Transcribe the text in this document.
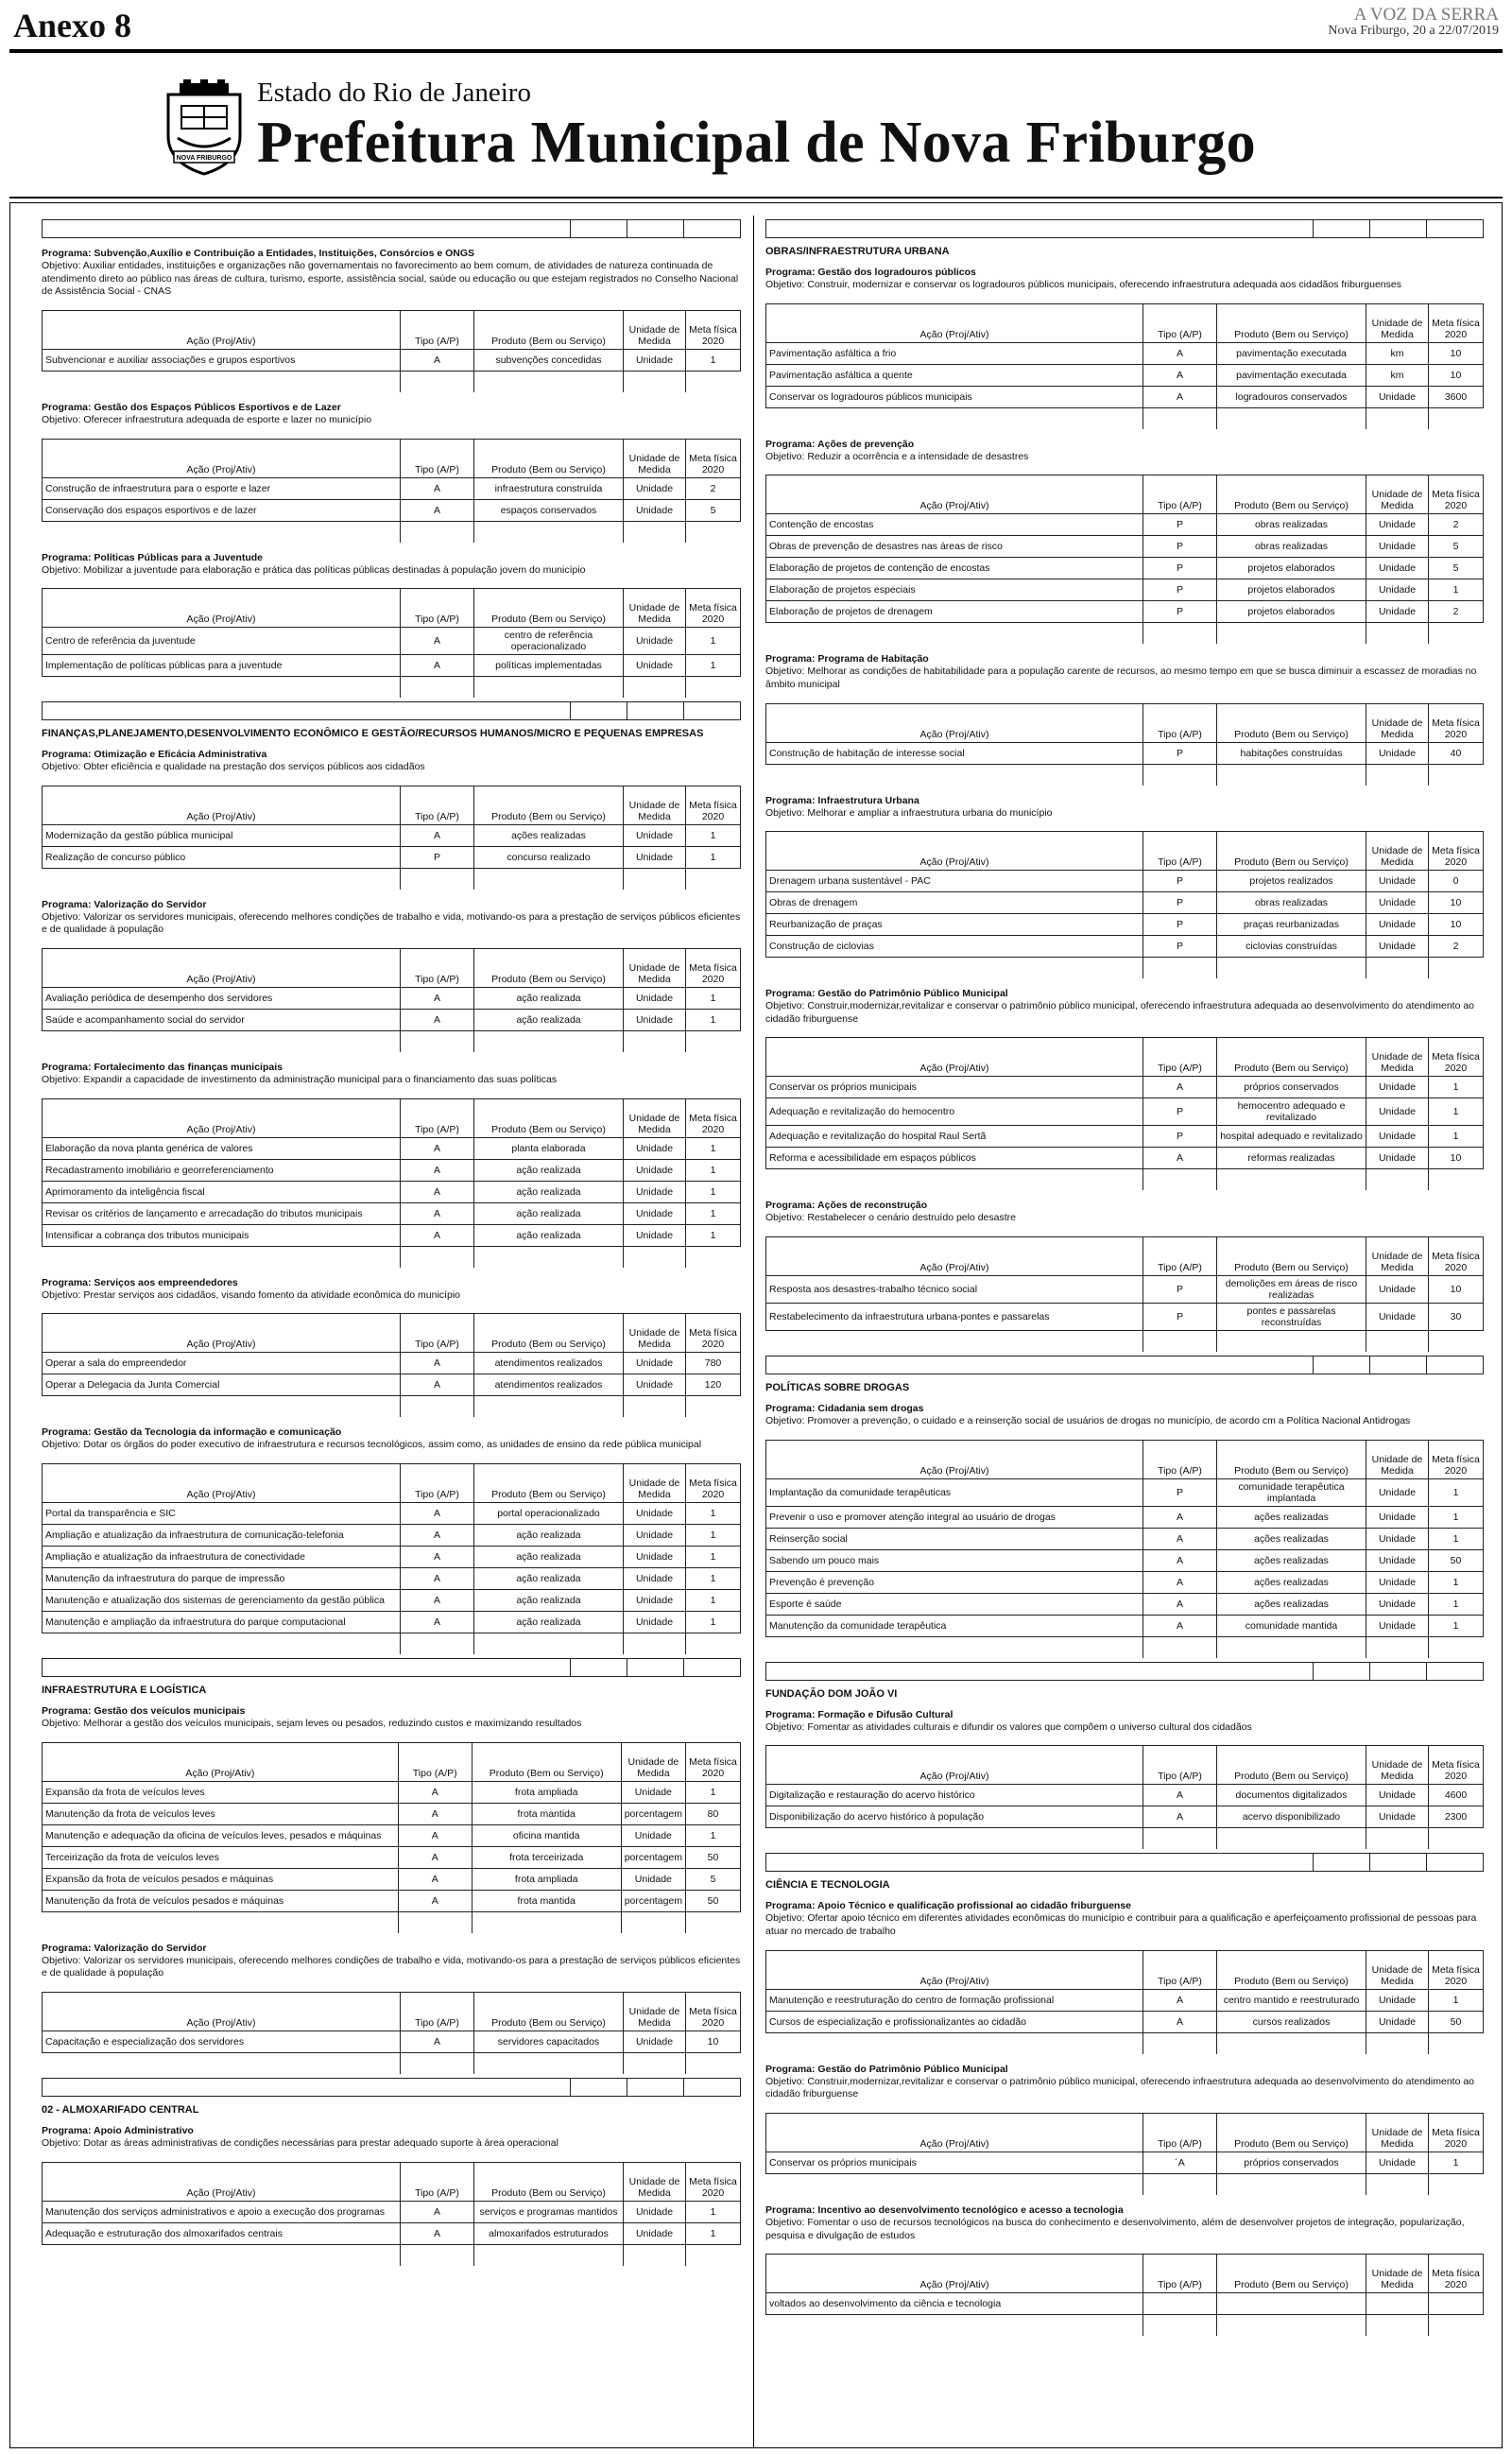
Anexo 8	A VOZ DA SERRA
Nova Friburgo, 20 a 22/07/2019
NOVA FRIBURGO
Estado do Rio de Janeiro
Prefeitura Municipal de Nova Friburgo
Programa: Subvenção,Auxílio e Contribuição a Entidades, Instituições, Consórcios e ONGS
Objetivo: Auxiliar entidades, instituições e organizações não governamentais no favorecimento ao bem comum, de atividades de natureza continuada de atendimento direto ao público nas áreas de cultura, turismo, esporte, assistência social, saúde ou educação ou que estejam registrados no Conselho Nacional de Assistência Social - CNAS
Ação (Proj/Ativ)	Tipo (A/P)	Produto (Bem ou Serviço)	Unidade de Medida	Meta física 2020
Subvencionar e auxiliar associações e grupos esportivos	A	subvenções concedidas	Unidade	1

Programa: Gestão dos Espaços Públicos Esportivos e de Lazer
Objetivo: Oferecer infraestrutura adequada de esporte e lazer no município
Ação (Proj/Ativ)	Tipo (A/P)	Produto (Bem ou Serviço)	Unidade de Medida	Meta física 2020
Construção de infraestrutura para o esporte e lazer	A	infraestrutura construída	Unidade	2
Conservação dos espaços esportivos e de lazer	A	espaços conservados	Unidade	5

Programa: Políticas Públicas para a Juventude
Objetivo: Mobilizar a juventude para elaboração e prática das políticas públicas destinadas à população jovem do município
Ação (Proj/Ativ)	Tipo (A/P)	Produto (Bem ou Serviço)	Unidade de Medida	Meta física 2020
Centro de referência da juventude	A	centro de referência operacionalizado	Unidade	1
Implementação de políticas públicas para a juventude	A	políticas implementadas	Unidade	1

FINANÇAS,PLANEJAMENTO,DESENVOLVIMENTO ECONÔMICO E GESTÃO/RECURSOS HUMANOS/MICRO E PEQUENAS EMPRESAS
Programa: Otimização e Eficácia Administrativa
Objetivo: Obter eficiência e qualidade na prestação dos serviços públicos aos cidadãos
Ação (Proj/Ativ)	Tipo (A/P)	Produto (Bem ou Serviço)	Unidade de Medida	Meta física 2020
Modernização da gestão pública municipal	A	ações realizadas	Unidade	1
Realização de concurso público	P	concurso realizado	Unidade	1

Programa: Valorização do Servidor
Objetivo: Valorizar os servidores municipais, oferecendo melhores condições de trabalho e vida, motivando-os para a prestação de serviços públicos eficientes e de qualidade à população
Ação (Proj/Ativ)	Tipo (A/P)	Produto (Bem ou Serviço)	Unidade de Medida	Meta física 2020
Avaliação periódica de desempenho dos servidores	A	ação realizada	Unidade	1
Saúde e acompanhamento social do servidor	A	ação realizada	Unidade	1

Programa: Fortalecimento das finanças municipais
Objetivo: Expandir a capacidade de investimento da administração municipal para o financiamento das suas políticas
Ação (Proj/Ativ)	Tipo (A/P)	Produto (Bem ou Serviço)	Unidade de Medida	Meta física 2020
Elaboração da nova planta genérica de valores	A	planta elaborada	Unidade	1
Recadastramento imobiliário e georreferenciamento	A	ação realizada	Unidade	1
Aprimoramento da inteligência fiscal	A	ação realizada	Unidade	1
Revisar os critérios de lançamento e arrecadação do tributos municipais	A	ação realizada	Unidade	1
Intensificar a cobrança dos tributos municipais	A	ação realizada	Unidade	1

Programa: Serviços aos empreendedores
Objetivo: Prestar serviços aos cidadãos, visando fomento da atividade econômica do município
Ação (Proj/Ativ)	Tipo (A/P)	Produto (Bem ou Serviço)	Unidade de Medida	Meta física 2020
Operar a sala do empreendedor	A	atendimentos realizados	Unidade	780
Operar a Delegacia da Junta Comercial	A	atendimentos realizados	Unidade	120

Programa: Gestão da Tecnologia da informação e comunicação
Objetivo: Dotar os órgãos do poder executivo de infraestrutura e recursos tecnológicos, assim como, as unidades de ensino da rede pública municipal
Ação (Proj/Ativ)	Tipo (A/P)	Produto (Bem ou Serviço)	Unidade de Medida	Meta física 2020
Portal da transparência e SIC	A	portal operacionalizado	Unidade	1
Ampliação e atualização da infraestrutura de comunicação-telefonia	A	ação realizada	Unidade	1
Ampliação e atualização da infraestrutura de conectividade	A	ação realizada	Unidade	1
Manutenção da infraestrutura do parque de impressão	A	ação realizada	Unidade	1
Manutenção e atualização dos sistemas de gerenciamento da gestão pública	A	ação realizada	Unidade	1
Manutenção e ampliação da infraestrutura do parque computacional	A	ação realizada	Unidade	1

INFRAESTRUTURA E LOGÍSTICA
Programa: Gestão dos veículos municipais
Objetivo: Melhorar a gestão dos veículos municipais, sejam leves ou pesados, reduzindo custos e maximizando resultados
Ação (Proj/Ativ)	Tipo (A/P)	Produto (Bem ou Serviço)	Unidade de Medida	Meta física 2020
Expansão da frota de veículos leves	A	frota ampliada	Unidade	1
Manutenção da frota de veículos leves	A	frota mantida	porcentagem	80
Manutenção e adequação da oficina de veículos leves, pesados e máquinas	A	oficina mantida	Unidade	1
Terceirização da frota de veículos leves	A	frota terceirizada	porcentagem	50
Expansão da frota de veículos pesados e máquinas	A	frota ampliada	Unidade	5
Manutenção da frota de veículos pesados e máquinas	A	frota mantida	porcentagem	50

Programa: Valorização do Servidor
Objetivo: Valorizar os servidores municipais, oferecendo melhores condições de trabalho e vida, motivando-os para a prestação de serviços públicos eficientes e de qualidade à população
Ação (Proj/Ativ)	Tipo (A/P)	Produto (Bem ou Serviço)	Unidade de Medida	Meta física 2020
Capacitação e especialização dos servidores	A	servidores capacitados	Unidade	10

02 - ALMOXARIFADO CENTRAL
Programa: Apoio Administrativo
Objetivo: Dotar as áreas administrativas de condições necessárias para prestar adequado suporte à área operacional
Ação (Proj/Ativ)	Tipo (A/P)	Produto (Bem ou Serviço)	Unidade de Medida	Meta física 2020
Manutenção dos serviços administrativos e apoio a execução dos programas	A	serviços e programas mantidos	Unidade	1
Adequação e estruturação dos almoxarifados centrais	A	almoxarifados estruturados	Unidade	1

OBRAS/INFRAESTRUTURA URBANA
Programa: Gestão dos logradouros públicos
Objetivo: Construir, modernizar e conservar os logradouros públicos municipais, oferecendo infraestrutura adequada aos cidadãos friburguenses
Ação (Proj/Ativ)	Tipo (A/P)	Produto (Bem ou Serviço)	Unidade de Medida	Meta física 2020
Pavimentação asfáltica a frio	A	pavimentação executada	km	10
Pavimentação asfáltica a quente	A	pavimentação executada	km	10
Conservar os logradouros públicos municipais	A	logradouros conservados	Unidade	3600

Programa: Ações de prevenção
Objetivo: Reduzir a ocorrência e a intensidade de desastres
Ação (Proj/Ativ)	Tipo (A/P)	Produto (Bem ou Serviço)	Unidade de Medida	Meta física 2020
Contenção de encostas	P	obras realizadas	Unidade	2
Obras de prevenção de desastres nas áreas de risco	P	obras realizadas	Unidade	5
Elaboração de projetos de contenção de encostas	P	projetos elaborados	Unidade	5
Elaboração de projetos especiais	P	projetos elaborados	Unidade	1
Elaboração de projetos de drenagem	P	projetos elaborados	Unidade	2

Programa: Programa de Habitação
Objetivo: Melhorar as condições de habitabilidade para a população carente de recursos, ao mesmo tempo em que se busca diminuir a escassez de moradias no âmbito municipal
Ação (Proj/Ativ)	Tipo (A/P)	Produto (Bem ou Serviço)	Unidade de Medida	Meta física 2020
Construção de habitação de interesse social	P	habitações construídas	Unidade	40

Programa: Infraestrutura Urbana
Objetivo: Melhorar e ampliar a infraestrutura urbana do município
Ação (Proj/Ativ)	Tipo (A/P)	Produto (Bem ou Serviço)	Unidade de Medida	Meta física 2020
Drenagem urbana sustentável - PAC	P	projetos realizados	Unidade	0
Obras de drenagem	P	obras realizadas	Unidade	10
Reurbanização de praças	P	praças reurbanizadas	Unidade	10
Construção de ciclovias	P	ciclovias construídas	Unidade	2

Programa: Gestão do Patrimônio Público Municipal
Objetivo: Construir,modernizar,revitalizar e conservar o patrimônio público municipal, oferecendo infraestrutura adequada ao desenvolvimento do atendimento ao cidadão friburguense
Ação (Proj/Ativ)	Tipo (A/P)	Produto (Bem ou Serviço)	Unidade de Medida	Meta física 2020
Conservar os próprios municipais	A	próprios conservados	Unidade	1
Adequação e revitalização do hemocentro	P	hemocentro adequado e revitalizado	Unidade	1
Adequação e revitalização do hospital Raul Sertã	P	hospital adequado e revitalizado	Unidade	1
Reforma e acessibilidade em espaços públicos	A	reformas realizadas	Unidade	10

Programa: Ações de reconstrução
Objetivo: Restabelecer o cenário destruído pelo desastre
Ação (Proj/Ativ)	Tipo (A/P)	Produto (Bem ou Serviço)	Unidade de Medida	Meta física 2020
Resposta aos desastres-trabalho técnico social	P	demolições em áreas de risco realizadas	Unidade	10
Restabelecimento da infraestrutura urbana-pontes e passarelas	P	pontes e passarelas reconstruídas	Unidade	30

POLÍTICAS SOBRE DROGAS
Programa: Cidadania sem drogas
Objetivo: Promover a prevenção, o cuidado e a reinserção social de usuários de drogas no município, de acordo cm a Política Nacional Antidrogas
Ação (Proj/Ativ)	Tipo (A/P)	Produto (Bem ou Serviço)	Unidade de Medida	Meta física 2020
Implantação da comunidade terapêuticas	P	comunidade terapêutica implantada	Unidade	1
Prevenir o uso e promover atenção integral ao usuário de drogas	A	ações realizadas	Unidade	1
Reinserção social	A	ações realizadas	Unidade	1
Sabendo um pouco mais	A	ações realizadas	Unidade	50
Prevenção é prevenção	A	ações realizadas	Unidade	1
Esporte é saúde	A	ações realizadas	Unidade	1
Manutenção da comunidade terapêutica	A	comunidade mantida	Unidade	1

FUNDAÇÃO DOM JOÃO VI
Programa: Formação e Difusão Cultural
Objetivo: Fomentar as atividades culturais e difundir os valores que compõem o universo cultural dos cidadãos
Ação (Proj/Ativ)	Tipo (A/P)	Produto (Bem ou Serviço)	Unidade de Medida	Meta física 2020
Digitalização e restauração do acervo histórico	A	documentos digitalizados	Unidade	4600
Disponibilização do acervo histórico à população	A	acervo disponibilizado	Unidade	2300

CIÊNCIA E TECNOLOGIA
Programa: Apoio Técnico e qualificação profissional ao cidadão friburguense
Objetivo: Ofertar apoio técnico em diferentes atividades econômicas do município e contribuir para a qualificação e aperfeiçoamento profissional de pessoas para atuar no mercado de trabalho
Ação (Proj/Ativ)	Tipo (A/P)	Produto (Bem ou Serviço)	Unidade de Medida	Meta física 2020
Manutenção e reestruturação do centro de formação profissional	A	centro mantido e reestruturado	Unidade	1
Cursos de especialização e profissionalizantes ao cidadão	A	cursos realizados	Unidade	50

Programa: Gestão do Patrimônio Público Municipal
Objetivo: Construir,modernizar,revitalizar e conservar o patrimônio público municipal, oferecendo infraestrutura adequada ao desenvolvimento do atendimento ao cidadão friburguense
Ação (Proj/Ativ)	Tipo (A/P)	Produto (Bem ou Serviço)	Unidade de Medida	Meta física 2020
Conservar os próprios municipais	´A	próprios conservados	Unidade	1

Programa: Incentivo ao desenvolvimento tecnológico e acesso a tecnologia
Objetivo: Fomentar o uso de recursos tecnológicos na busca do conhecimento e desenvolvimento, além de desenvolver projetos de integração, popularização, pesquisa e divulgação de estudos
Ação (Proj/Ativ)	Tipo (A/P)	Produto (Bem ou Serviço)	Unidade de Medida	Meta física 2020
voltados ao desenvolvimento da ciência e tecnologia				
